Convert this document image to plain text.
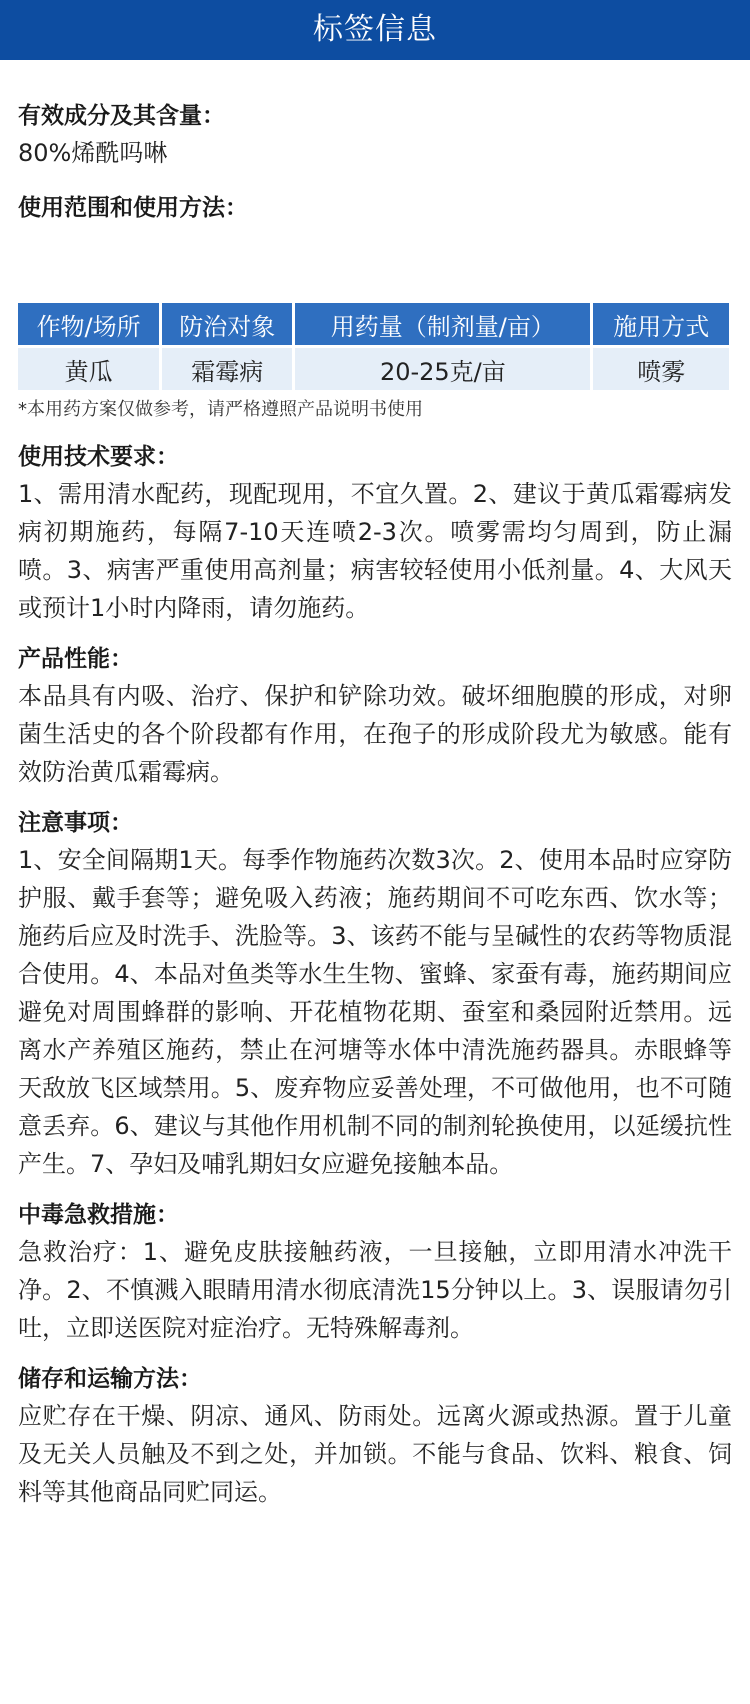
标签信息

有效成分及其含量：

80%烯酰吗啉

使用范围和使用方法：

作物/场所	防治对象	用药量（制剂量/亩）	施用方式
黄瓜	霜霉病	20-25克/亩	喷雾

*本用药方案仅做参考，请严格遵照产品说明书使用

使用技术要求：

1、需用清水配药，现配现用，不宜久置。2、建议于黄瓜霜霉病发病初期施药，每隔7-10天连喷2-3次。喷雾需均匀周到，防止漏喷。3、病害严重使用高剂量；病害较轻使用小低剂量。4、大风天或预计1小时内降雨，请勿施药。

产品性能：

本品具有内吸、治疗、保护和铲除功效。破坏细胞膜的形成，对卵菌生活史的各个阶段都有作用，在孢子的形成阶段尤为敏感。能有效防治黄瓜霜霉病。

注意事项：

1、安全间隔期1天。每季作物施药次数3次。2、使用本品时应穿防护服、戴手套等；避免吸入药液；施药期间不可吃东西、饮水等；施药后应及时洗手、洗脸等。3、该药不能与呈碱性的农药等物质混合使用。4、本品对鱼类等水生生物、蜜蜂、家蚕有毒，施药期间应避免对周围蜂群的影响、开花植物花期、蚕室和桑园附近禁用。远离水产养殖区施药，禁止在河塘等水体中清洗施药器具。赤眼蜂等天敌放飞区域禁用。5、废弃物应妥善处理，不可做他用，也不可随意丢弃。6、建议与其他作用机制不同的制剂轮换使用，以延缓抗性产生。7、孕妇及哺乳期妇女应避免接触本品。

中毒急救措施：

急救治疗：1、避免皮肤接触药液，一旦接触，立即用清水冲洗干净。2、不慎溅入眼睛用清水彻底清洗15分钟以上。3、误服请勿引吐，立即送医院对症治疗。无特殊解毒剂。

储存和运输方法：

应贮存在干燥、阴凉、通风、防雨处。远离火源或热源。置于儿童及无关人员触及不到之处，并加锁。不能与食品、饮料、粮食、饲料等其他商品同贮同运。
